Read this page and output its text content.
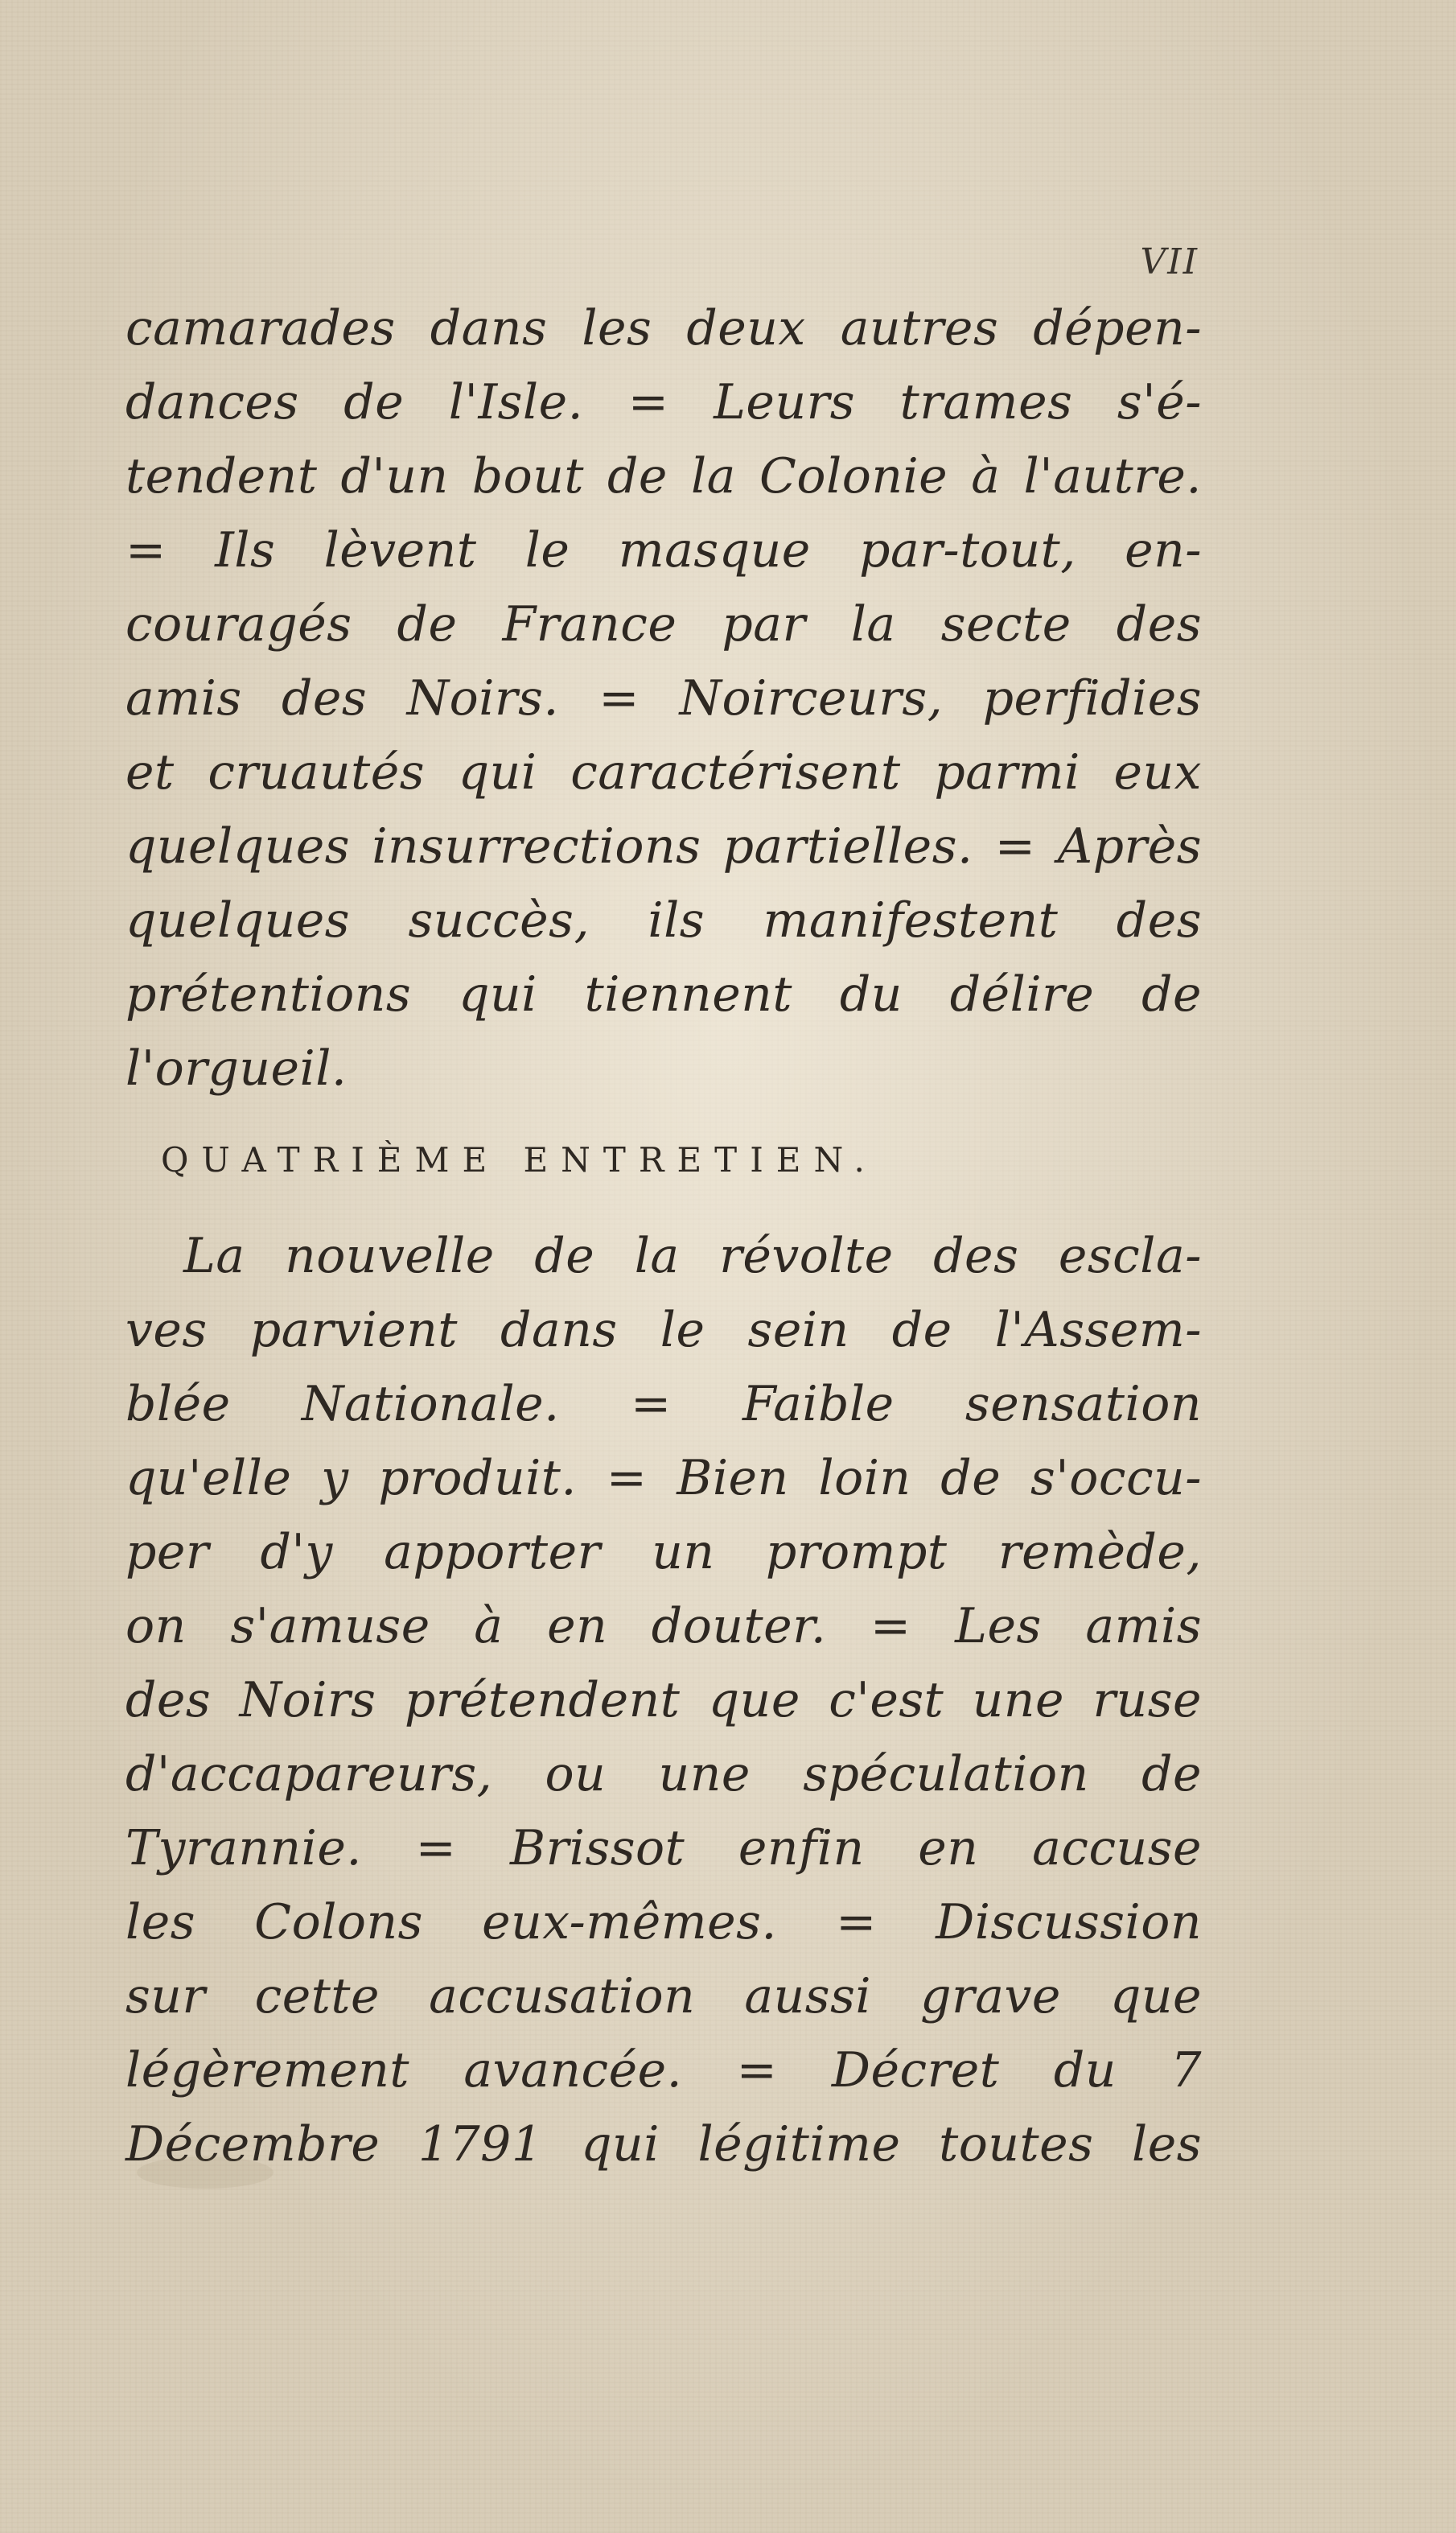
VII
camarades dans les deux autres dépen-
dances de l'Isle. = Leurs trames s'é-
tendent d'un bout de la Colonie à l'autre.
= Ils lèvent le masque par-tout, en-
couragés de France par la secte des
amis des Noirs. = Noirceurs, perfidies
et cruautés qui caractérisent parmi eux
quelques insurrections partielles. = Après
quelques succès, ils manifestent des
prétentions qui tiennent du délire de
l'orgueil.
QUATRIÈME ENTRETIEN.
La nouvelle de la révolte des escla-
ves parvient dans le sein de l'Assem-
blée Nationale. = Faible sensation
qu'elle y produit. = Bien loin de s'occu-
per d'y apporter un prompt remède,
on s'amuse à en douter. = Les amis
des Noirs prétendent que c'est une ruse
d'accapareurs, ou une spéculation de
Tyrannie. = Brissot enfin en accuse
les Colons eux-mêmes. = Discussion
sur cette accusation aussi grave que
légèrement avancée. = Décret du 7
Décembre 1791 qui légitime toutes les
